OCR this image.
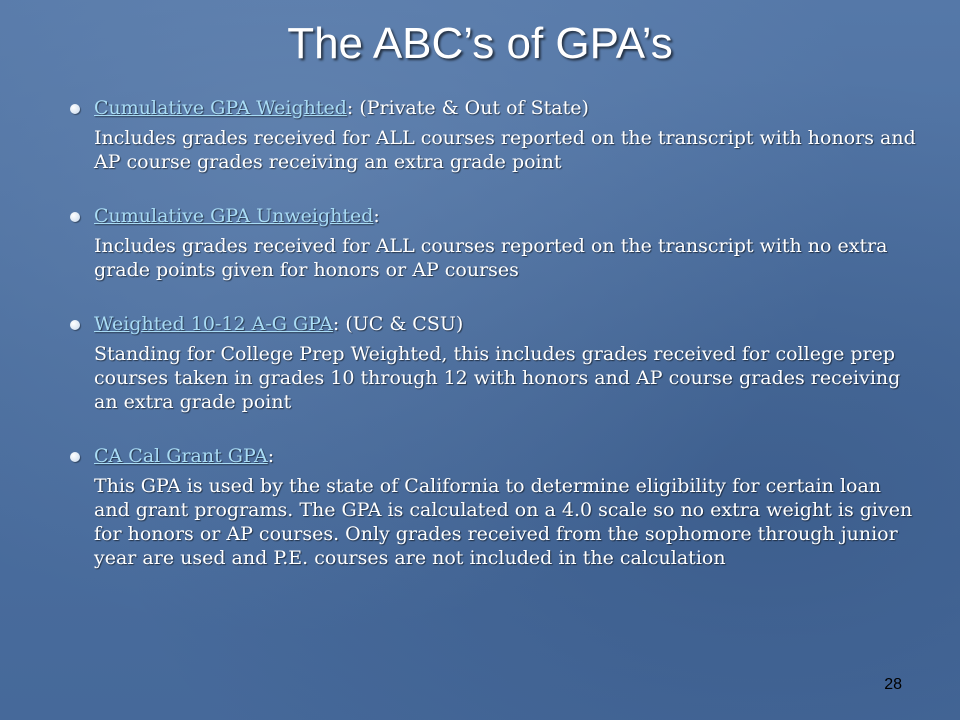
The ABC’s of GPA’s
Cumulative GPA Weighted: (Private & Out of State)
Includes grades received for ALL courses reported on the transcript with honors and AP course grades receiving an extra grade point
Cumulative GPA Unweighted:
Includes grades received for ALL courses reported on the transcript with no extra grade points given for honors or AP courses
Weighted 10-12 A-G GPA: (UC & CSU)
Standing for College Prep Weighted, this includes grades received for college prep courses taken in grades 10 through 12 with honors and AP course grades receiving an extra grade point
CA Cal Grant GPA:
This GPA is used by the state of California to determine eligibility for certain loan and grant programs. The GPA is calculated on a 4.0 scale so no extra weight is given for honors or AP courses. Only grades received from the sophomore through junior year are used and P.E. courses are not included in the calculation
28
